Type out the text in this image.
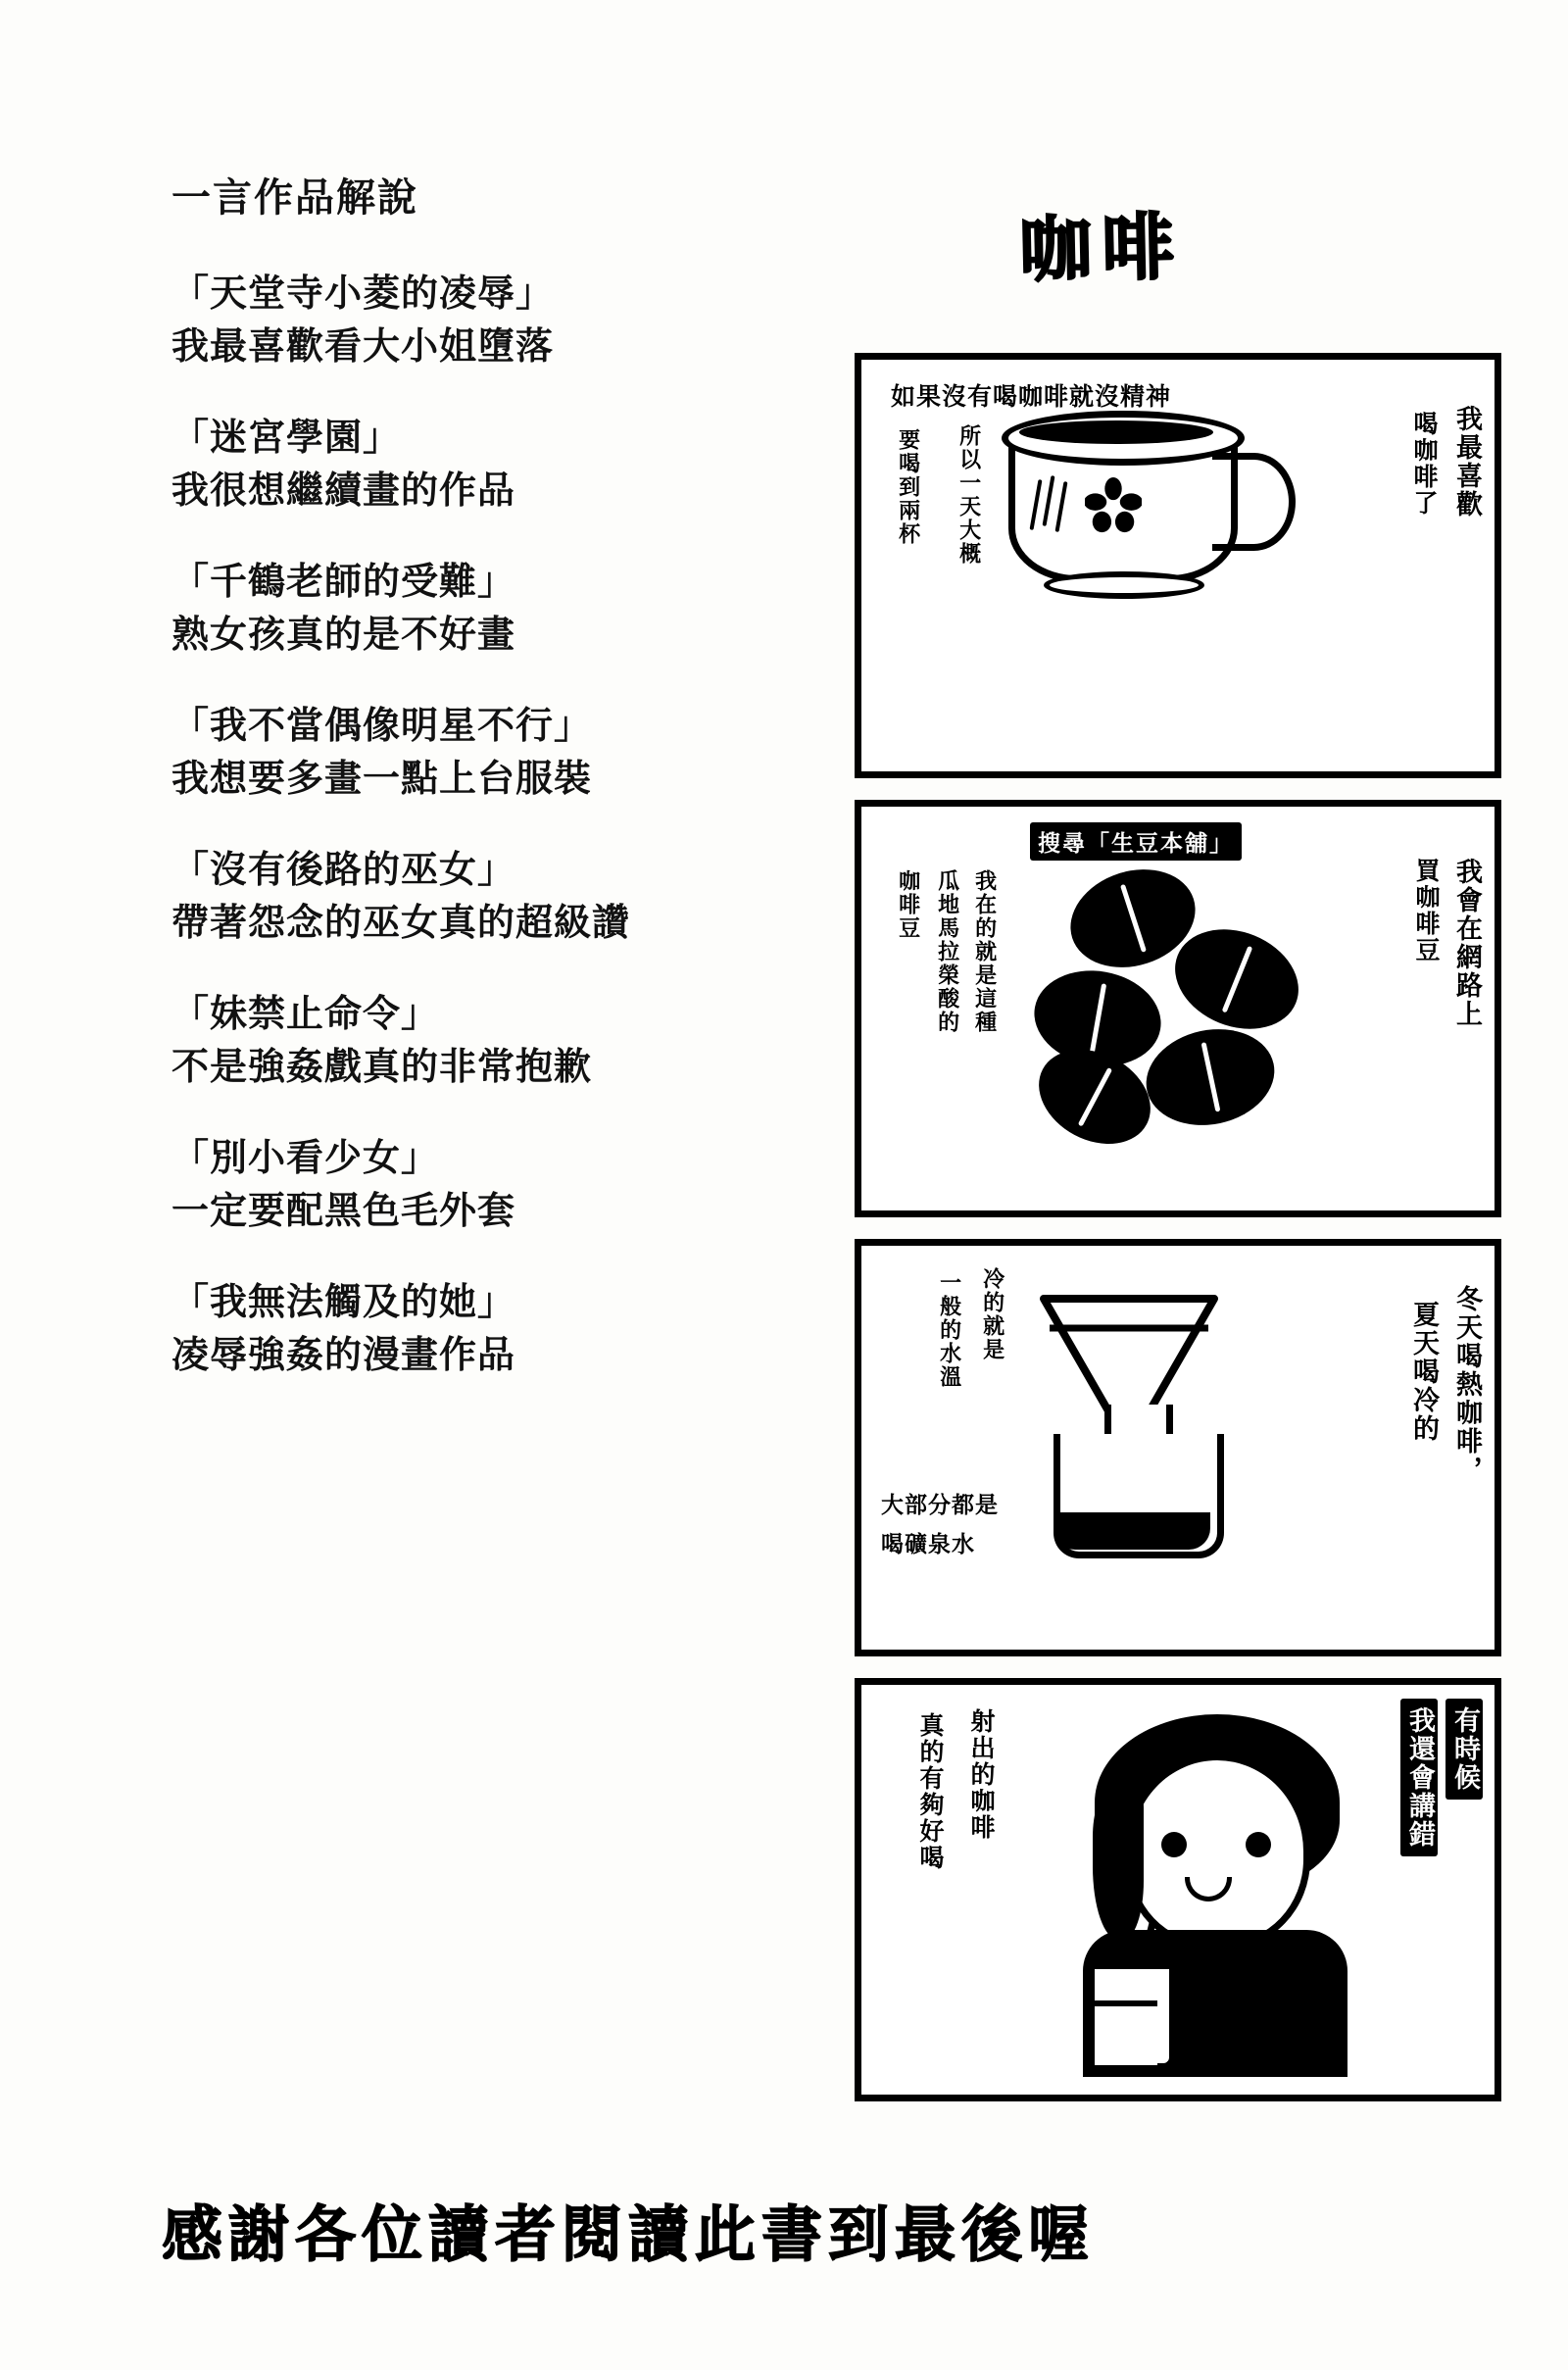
一言作品解說
「天堂寺小菱的凌辱」
我最喜歡看大小姐墮落
「迷宮學園」
我很想繼續畫的作品
「千鶴老師的受難」
熟女孩真的是不好畫
「我不當偶像明星不行」
我想要多畫一點上台服裝
「沒有後路的巫女」
帶著怨念的巫女真的超級讚
「妹禁止命令」
不是強姦戲真的非常抱歉
「別小看少女」
一定要配黑色毛外套
「我無法觸及的她」
凌辱強姦的漫畫作品
咖啡
如果沒有喝咖啡就沒精神
我最喜歡
喝咖啡了
所以一天大概
要喝到兩杯
搜尋「生豆本舖」
我會在網路上
買咖啡豆
我在的就是這種
瓜地馬拉榮酸的
咖啡豆
冬天喝熱咖啡，
夏天喝冷的
冷的就是
一般的水溫
大部分都是
喝礦泉水
有時候
我還會講錯
射出的咖啡
真的有夠好喝
感謝各位讀者閱讀此書到最後喔
